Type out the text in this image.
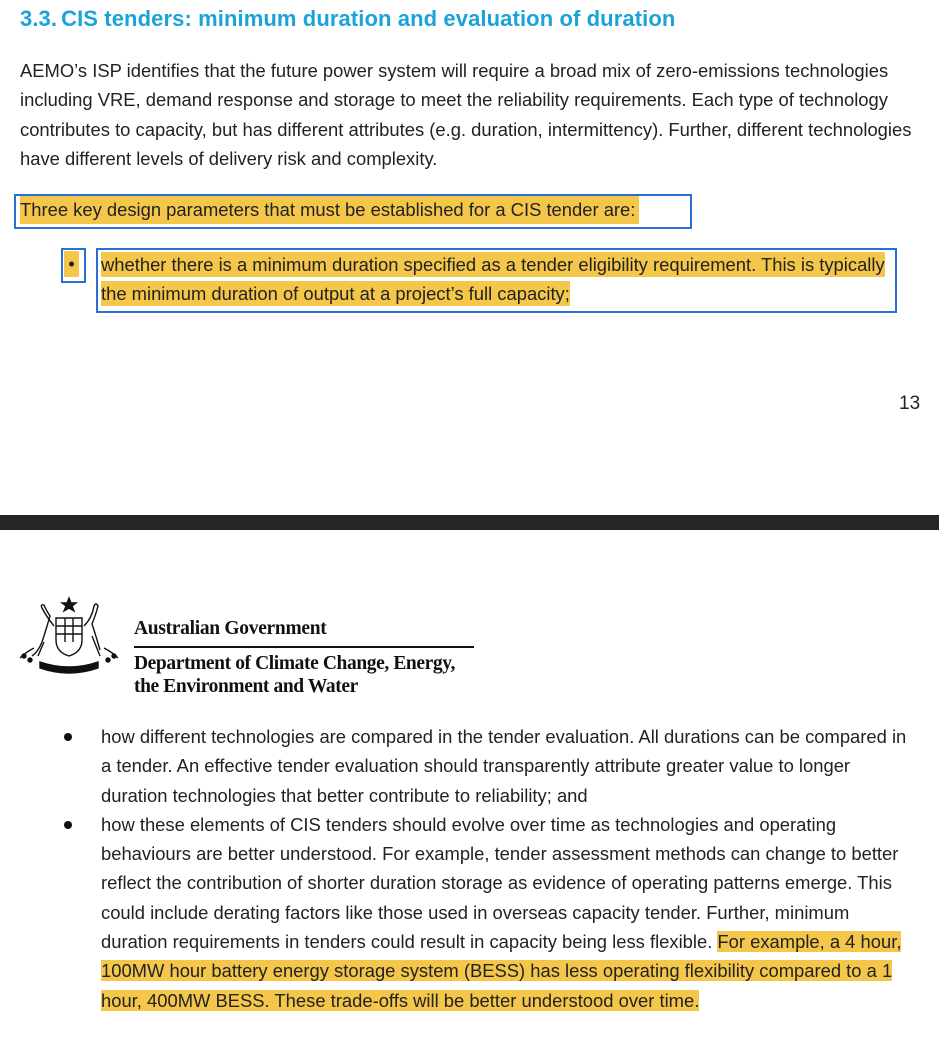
3.3. CIS tenders: minimum duration and evaluation of duration
AEMO’s ISP identifies that the future power system will require a broad mix of zero-emissions technologies including VRE, demand response and storage to meet the reliability requirements. Each type of technology contributes to capacity, but has different attributes (e.g. duration, intermittency). Further, different technologies have different levels of delivery risk and complexity.
Three key design parameters that must be established for a CIS tender are:
• whether there is a minimum duration specified as a tender eligibility requirement. This is typically the minimum duration of output at a project’s full capacity;
13
Australian Government
Department of Climate Change, Energy,
the Environment and Water
how different technologies are compared in the tender evaluation. All durations can be compared in a tender. An effective tender evaluation should transparently attribute greater value to longer duration technologies that better contribute to reliability; and
how these elements of CIS tenders should evolve over time as technologies and operating behaviours are better understood. For example, tender assessment methods can change to better reflect the contribution of shorter duration storage as evidence of operating patterns emerge. This could include derating factors like those used in overseas capacity tender. Further, minimum duration requirements in tenders could result in capacity being less flexible. For example, a 4 hour, 100MW hour battery energy storage system (BESS) has less operating flexibility compared to a 1 hour, 400MW BESS. These trade-offs will be better understood over time.
